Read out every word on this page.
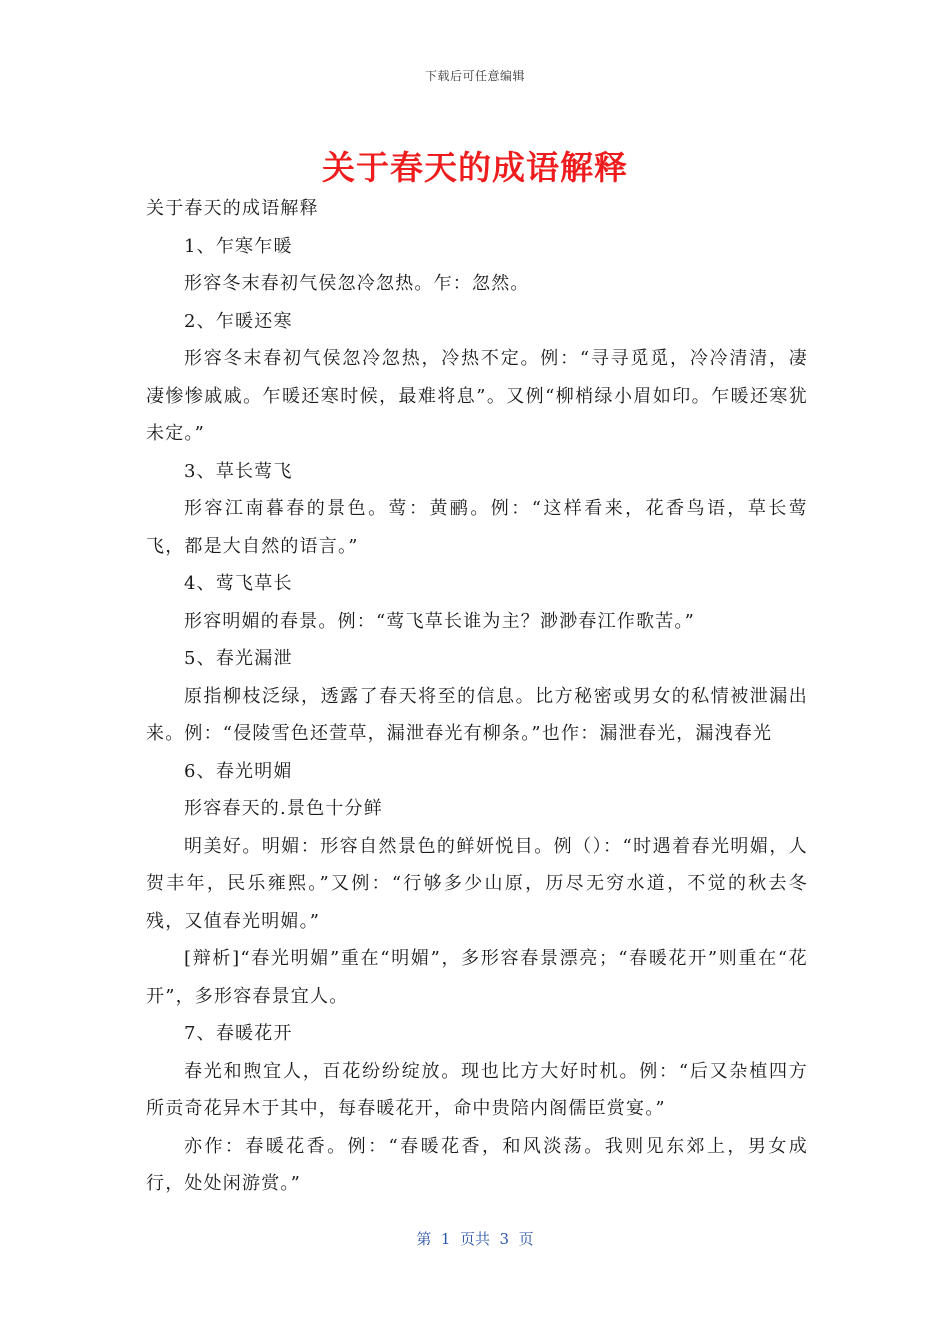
下载后可任意编辑
关于春天的成语解释

关于春天的成语解释

1、乍寒乍暖

形容冬末春初气侯忽冷忽热。乍：忽然。

2、乍暖还寒

形容冬末春初气侯忽冷忽热，冷热不定。例：“寻寻觅觅，冷冷清清，凄凄惨惨戚戚。乍暖还寒时候，最难将息”。又例“柳梢绿小眉如印。乍暖还寒犹未定。”

3、草长莺飞

形容江南暮春的景色。莺：黄鹂。例：“这样看来，花香鸟语，草长莺飞，都是大自然的语言。”

4、莺飞草长

形容明媚的春景。例：“莺飞草长谁为主？渺渺春江作歌苦。”

5、春光漏泄

原指柳枝泛绿，透露了春天将至的信息。比方秘密或男女的私情被泄漏出来。例：“侵陵雪色还萱草，漏泄春光有柳条。”也作：漏泄春光，漏洩春光

6、春光明媚

形容春天的.景色十分鲜

明美好。明媚：形容自然景色的鲜妍悦目。例（）：“时遇着春光明媚，人贺丰年，民乐雍熙。”又例：“行够多少山原，历尽无穷水道，不觉的秋去冬残，又值春光明媚。”

[辩析]“春光明媚”重在“明媚”，多形容春景漂亮；“春暖花开”则重在“花开”，多形容春景宜人。

7、春暖花开

春光和煦宜人，百花纷纷绽放。现也比方大好时机。例：“后又杂植四方所贡奇花异木于其中，每春暖花开，命中贵陪内阁儒臣赏宴。”

亦作：春暖花香。例：“春暖花香，和风淡荡。我则见东郊上，男女成行，处处闲游赏。”

第  1  页共  3  页
